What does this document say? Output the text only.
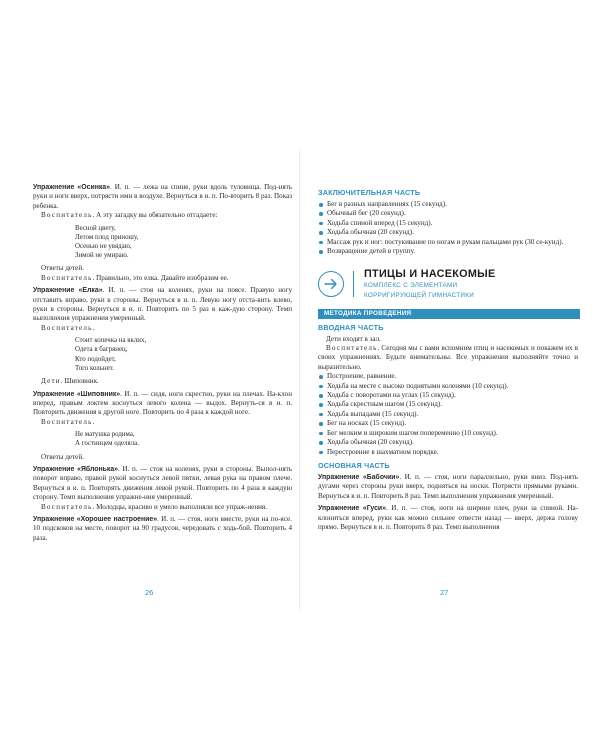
Упражнение «Осинка». И. п. — лежа на спине, руки вдоль туловища. Под-нять руки и ноги вверх, потрясти ими в воздухе. Вернуться в и. п. По-вторить 8 раз. Показ ребенка.

Воспитатель. А эту загадку вы обязательно отгадаете:

Весной цвету,
Летом плод приношу,
Осенью не увядаю,
Зимой не умираю.

Ответы детей.

Воспитатель. Правильно, это елка. Давайте изобразим ее.

Упражнение «Елка». И. п. — стоя на коленях, руки на поясе. Правую ногу отставить вправо, руки в стороны. Вернуться в и. п. Левую ногу отста-вить влево, руки в стороны. Вернуться в и. п. Повторить по 5 раз в каж-дую сторону. Темп выполнения упражнения умеренный.

Воспитатель.

Стоит копечка на вклих,
Одета в багрянец,
Кто подойдет,
Того кольнет.

Дети. Шиповник.

Упражнение «Шиповник». И. п. — сидя, ноги скрестно, руки на плечах. На-клон вперед, правым локтем коснуться левого колена — выдох. Вернуть-ся в и. п. Повторить движения к другой ноге. Повторить по 4 раза к каждой ноге.

Воспитатель.

Не матушка родима,
А гостинцем оделяла.

Ответы детей.

Упражнение «Яблонька». И. п. — стоя на коленях, руки в стороны. Выпол-нять поворот вправо, правой рукой коснуться левой пятки, левая рука на правом плече. Вернуться в и. п. Повторять движения левой рукой. Повторить по 4 раза в каждую сторону. Темп выполнения упражне-ния умеренный.

Воспитатель. Молодцы, красиво и умело выполняли все упраж-нения.

Упражнение «Хорошее настроение». И. п. — стоя, ноги вместе, руки на по-ясе. 10 подскоков на месте, поворот на 90 градусов, чередовать с ходь-бой. Повторить 4 раза.

26
ЗАКЛЮЧИТЕЛЬНАЯ ЧАСТЬ
Бег в разных направлениях (15 секунд).
Обычный бег (20 секунд).
Ходьба спиной вперед (15 секунд).
Ходьба обычная (20 секунд).
Массаж рук и ног: постукивание по ногам и рукам пальцами рук (30 се-кунд).
Возвращение детей в группу.
ПТИЦЫ И НАСЕКОМЫЕ
КОМПЛЕКС С ЭЛЕМЕНТАМИ
КОРРИГИРУЮЩЕЙ ГИМНАСТИКИ
МЕТОДИКА ПРОВЕДЕНИЯ
ВВОДНАЯ ЧАСТЬ

Дети входят в зал.

Воспитатель. Сегодня мы с вами вспомним птиц и насекомых и покажем их в своих упражнениях. Будьте внимательны. Все упражнения выполняйте точно и выразительно.

Построение, равнение.
Ходьба на месте с высоко поднятыми коленями (10 секунд).
Ходьба с поворотами на углах (15 секунд).
Ходьба скрестным шагом (15 секунд).
Ходьба выпадами (15 секунд).
Бег на носках (15 секунд).
Бег мелким и широким шагом попеременно (10 секунд).
Ходьба обычная (20 секунд).
Перестроение в шахматном порядке.
ОСНОВНАЯ ЧАСТЬ

Упражнение «Бабочки». И. п. — стоя, ноги параллельно, руки вниз. Под-нять дугами через стороны руки вверх, подняться на носки. Потрясти прямыми руками. Вернуться в и. п. Повторить 8 раз. Темп выполнения упражнения умеренный.

Упражнение «Гуси». И. п. — стоя, ноги на ширине плеч, руки за спиной. На-клониться вперед, руки как можно сильнее отвести назад — вверх, держа голову прямо. Вернуться в и. п. Повторить 8 раз. Темп выполнения

27
